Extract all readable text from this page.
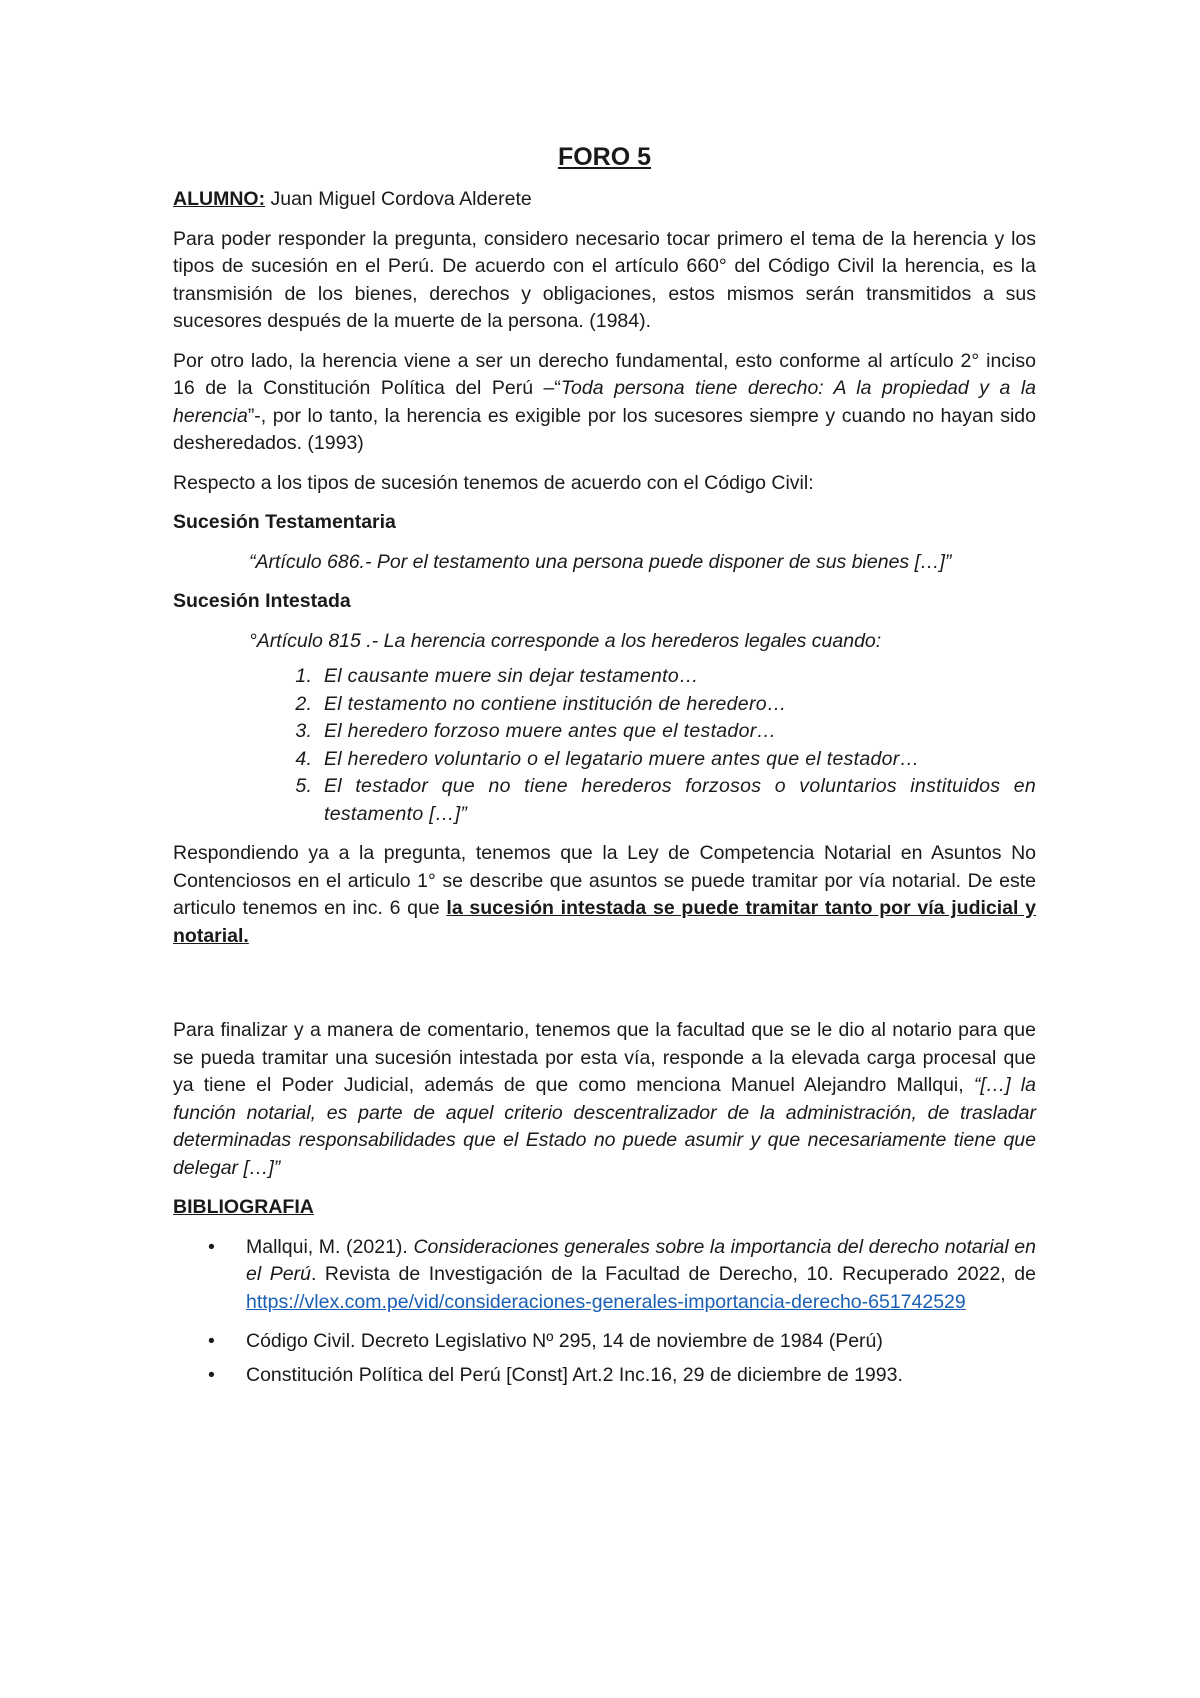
FORO 5
ALUMNO: Juan Miguel Cordova Alderete

Para poder responder la pregunta, considero necesario tocar primero el tema de la herencia y los tipos de sucesión en el Perú. De acuerdo con el artículo 660° del Código Civil la herencia, es la transmisión de los bienes, derechos y obligaciones, estos mismos serán transmitidos a sus sucesores después de la muerte de la persona. (1984).

Por otro lado, la herencia viene a ser un derecho fundamental, esto conforme al artículo 2° inciso 16 de la Constitución Política del Perú –“Toda persona tiene derecho: A la propiedad y a la herencia”-, por lo tanto, la herencia es exigible por los sucesores siempre y cuando no hayan sido desheredados. (1993)

Respecto a los tipos de sucesión tenemos de acuerdo con el Código Civil:

Sucesión Testamentaria

“Artículo 686.- Por el testamento una persona puede disponer de sus bienes […]”

Sucesión Intestada
°Artículo 815 .- La herencia corresponde a los herederos legales cuando:
1. El causante muere sin dejar testamento…
2. El testamento no contiene institución de heredero…
3. El heredero forzoso muere antes que el testador…
4. El heredero voluntario o el legatario muere antes que el testador…
5. El testador que no tiene herederos forzosos o voluntarios instituidos en testamento […]”

Respondiendo ya a la pregunta, tenemos que la Ley de Competencia Notarial en Asuntos No Contenciosos en el articulo 1° se describe que asuntos se puede tramitar por vía notarial. De este articulo tenemos en inc. 6 que la sucesión intestada se puede tramitar tanto por vía judicial y notarial.

Para finalizar y a manera de comentario, tenemos que la facultad que se le dio al notario para que se pueda tramitar una sucesión intestada por esta vía, responde a la elevada carga procesal que ya tiene el Poder Judicial, además de que como menciona Manuel Alejandro Mallqui, “[…] la función notarial, es parte de aquel criterio descentralizador de la administración, de trasladar determinadas responsabilidades que el Estado no puede asumir y que necesariamente tiene que delegar […]”

BIBLIOGRAFIA
• Mallqui, M. (2021). Consideraciones generales sobre la importancia del derecho notarial en el Perú. Revista de Investigación de la Facultad de Derecho, 10. Recuperado 2022, de https://vlex.com.pe/vid/consideraciones-generales-importancia-derecho-651742529
• Código Civil. Decreto Legislativo Nº 295, 14 de noviembre de 1984 (Perú)
• Constitución Política del Perú [Const] Art.2 Inc.16, 29 de diciembre de 1993.
